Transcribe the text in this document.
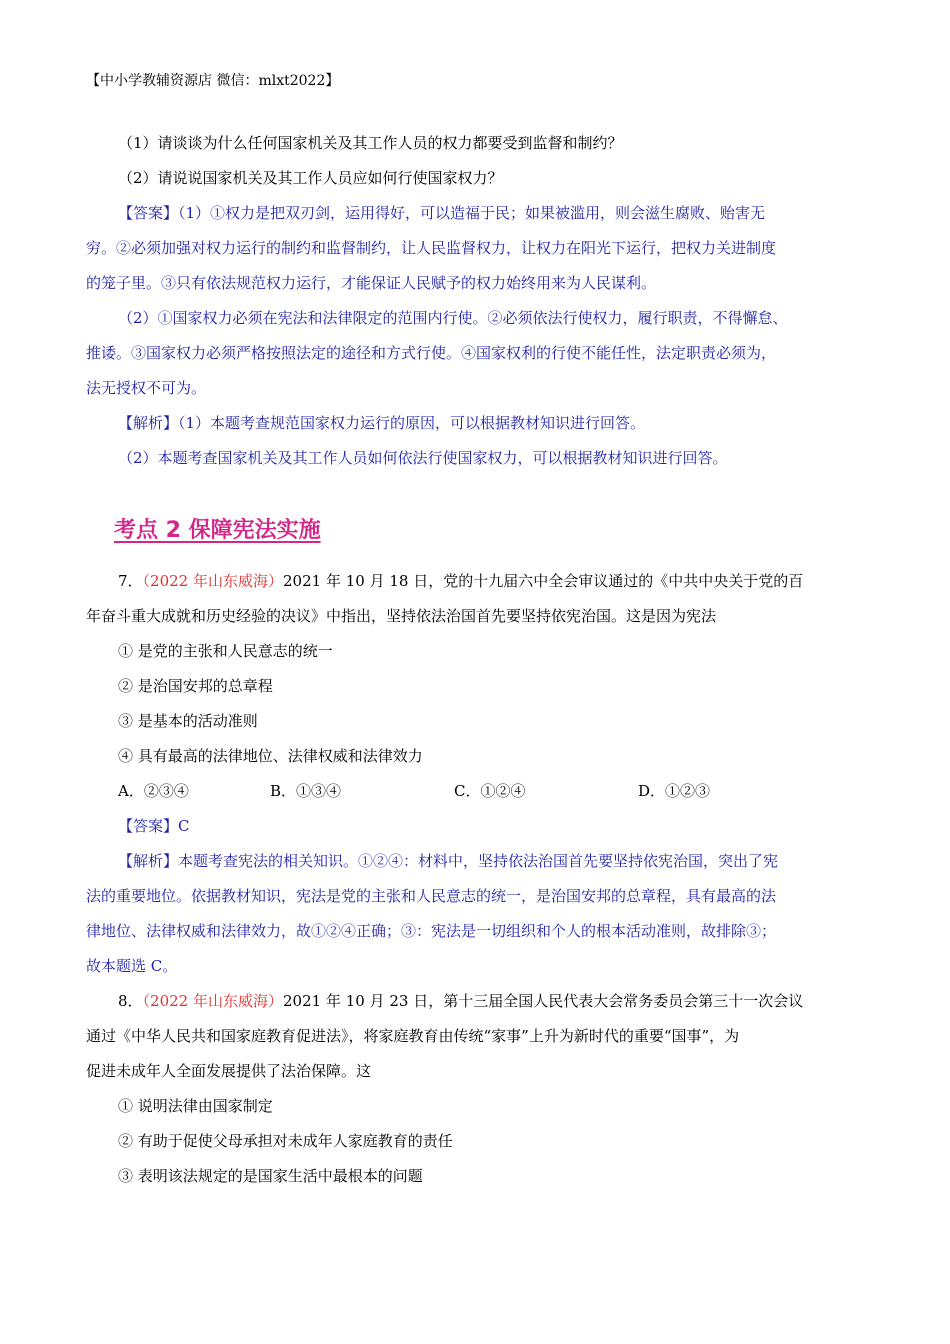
【中小学教辅资源店 微信：mlxt2022】
（1）请谈谈为什么任何国家机关及其工作人员的权力都要受到监督和制约？
（2）请说说国家机关及其工作人员应如何行使国家权力？
【答案】（1）①权力是把双刃剑，运用得好，可以造福于民；如果被滥用，则会滋生腐败、贻害无
穷。②必须加强对权力运行的制约和监督制约，让人民监督权力，让权力在阳光下运行，把权力关进制度
的笼子里。③只有依法规范权力运行，才能保证人民赋予的权力始终用来为人民谋利。
（2）①国家权力必须在宪法和法律限定的范围内行使。②必须依法行使权力，履行职责，不得懈怠、
推诿。③国家权力必须严格按照法定的途径和方式行使。④国家权利的行使不能任性，法定职责必须为，
法无授权不可为。
【解析】（1）本题考查规范国家权力运行的原因，可以根据教材知识进行回答。
（2）本题考查国家机关及其工作人员如何依法行使国家权力，可以根据教材知识进行回答。
考点 2 保障宪法实施
7．（2022 年山东威海）2021 年 10 月 18 日，党的十九届六中全会审议通过的《中共中央关于党的百
年奋斗重大成就和历史经验的决议》中指出，坚持依法治国首先要坚持依宪治国。这是因为宪法
① 是党的主张和人民意志的统一
② 是治国安邦的总章程
③ 是基本的活动准则
④ 具有最高的法律地位、法律权威和法律效力
A．②③④	B．①③④	C．①②④	D．①②③
【答案】C
【解析】本题考查宪法的相关知识。①②④：材料中，坚持依法治国首先要坚持依宪治国，突出了宪
法的重要地位。依据教材知识，宪法是党的主张和人民意志的统一，是治国安邦的总章程，具有最高的法
律地位、法律权威和法律效力，故①②④正确；③：宪法是一切组织和个人的根本活动准则，故排除③；
故本题选 C。
8．（2022 年山东威海）2021 年 10 月 23 日，第十三届全国人民代表大会常务委员会第三十一次会议
通过《中华人民共和国家庭教育促进法》，将家庭教育由传统“家事”上升为新时代的重要“国事”，为
促进未成年人全面发展提供了法治保障。这
① 说明法律由国家制定
② 有助于促使父母承担对未成年人家庭教育的责任
③ 表明该法规定的是国家生活中最根本的问题
